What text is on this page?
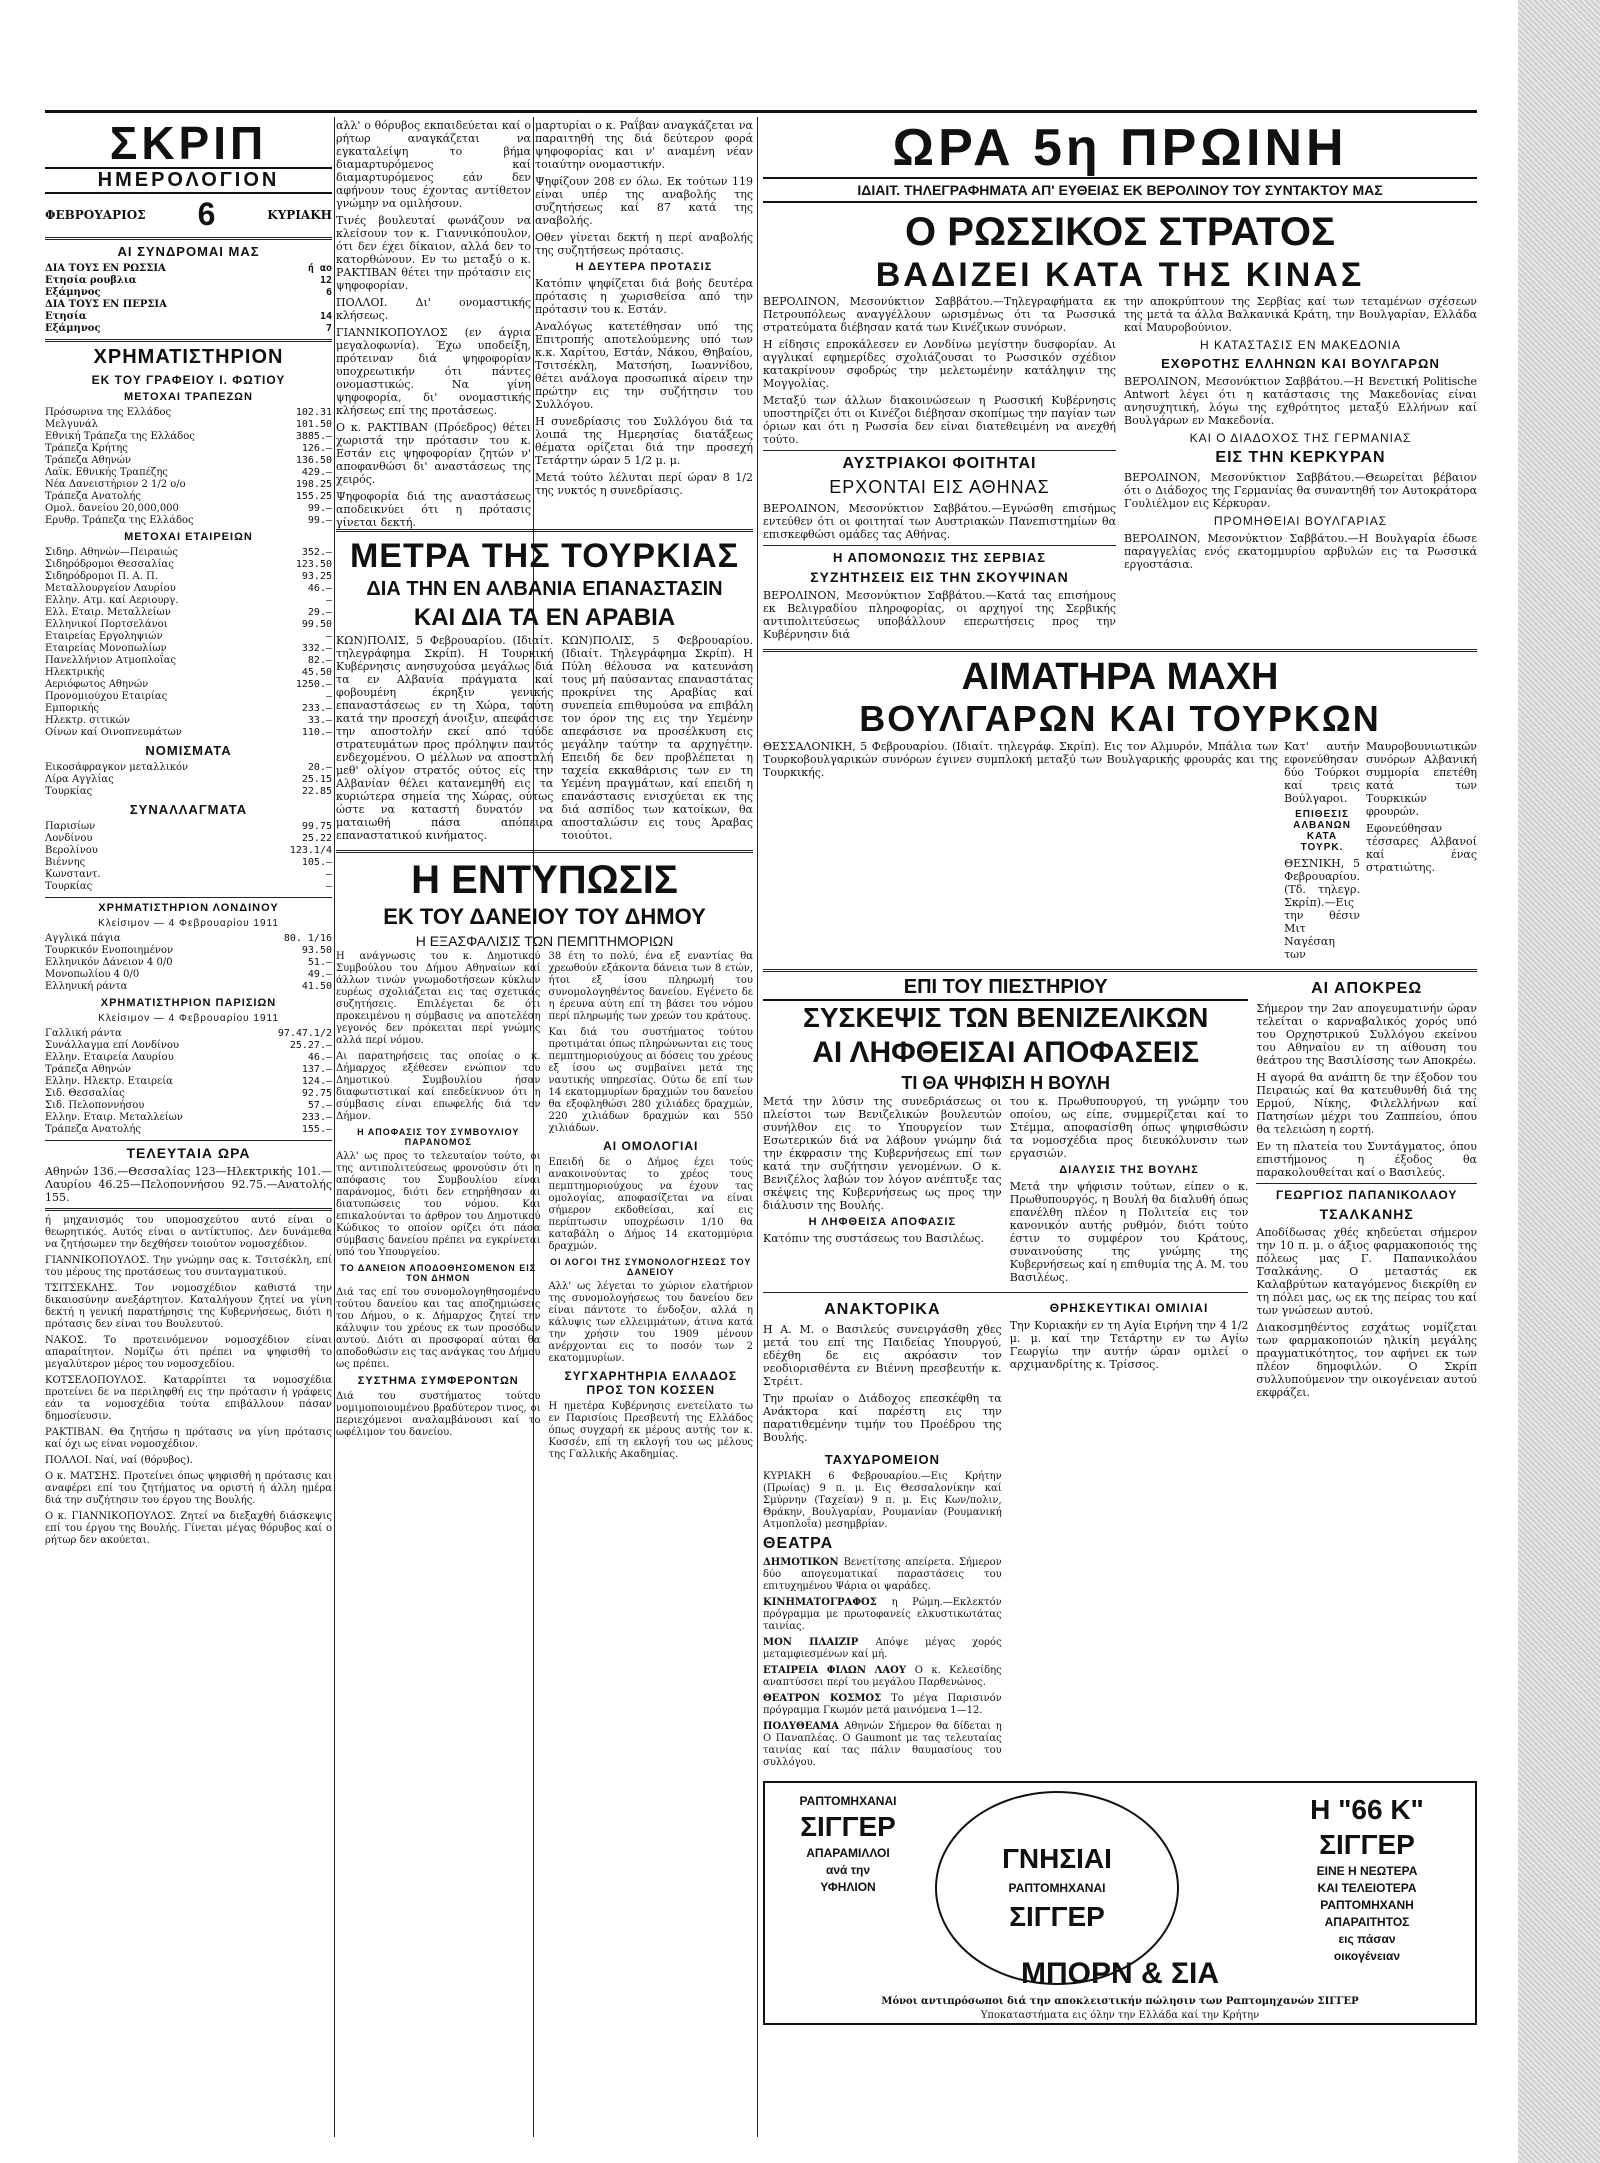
ΣΚΡΙΠ
ΗΜΕΡΟΛΟΓΙΟΝ
ΦΕΒΡΟΥΑΡΙΟΣ 6	ΚΥΡΙΑΚΗ
ΑΙ ΣΥΝΔΡΟΜΑΙ ΜΑΣ
ΔΙΑ ΤΟΥΣ ΕΝ ΡΩΣΣΙΑ	ή αο
Ετησία ρουβλια	12
Εξάμηνος	6
ΔΙΑ ΤΟΥΣ ΕΝ ΠΕΡΣΙΑ
Ετησία	14
Εξάμηνος	7
ΧΡΗΜΑΤΙΣΤΗΡΙΟΝ
ΕΚ ΤΟΥ ΓΡΑΦΕΙΟΥ Ι. ΦΩΤΙΟΥ
ΜΕΤΟΧΑΙ ΤΡΑΠΕΖΩΝ
Πρόσωρινα της Ελλάδος	102.31
Μελγυνάλ	101.50
Εθνική Τράπεζα της Ελλάδος	3885.—
Τράπεζα Κρήτης	126.—
Τράπεζα Αθηνών	136.50
Λαϊκ. Εθνικής Τραπέζης	429.—
Νέα Δανειστήριον 2 1/2 ο/ο	198.25
Τράπεζα Ανατολής	155.25
Ομολ. δανείου 20,000,000	99.—
Ερυθρ. Τράπεζα της Ελλάδος	99.—
ΜΕΤΟΧΑΙ ΕΤΑΙΡΕΙΩΝ
Σιδηρ. Αθηνών—Πειραιώς	352.—
Σιδηρόδρομοι Θεσσαλίας	123.50
Σιδηρόδρομοι Π. Α. Π.	93.25
Μεταλλουργείον Λαυρίου	46.—
Ελλην. Ατμ. καί Αεριουργ.	—
Ελλ. Εταιρ. Μεταλλείων	29.—
Ελληνικοί Πορτσελάνοι	99.50
Εταιρείας Εργοληψιών	—
Εταιρείας Μονοπωλίων	332.—
Πανελλήνιον Ατμοπλοΐας	82.—
Ηλεκτρικής	45.50
Αεριόφωτος Αθηνών	1250.—
Προνομιούχου Εταιρίας	—
Εμπορικής	233.—
Ηλεκτρ. σιτικών	33.—
Οίνων καί Οινοπνευμάτων	110.—
ΝΟΜΙΣΜΑΤΑ
Εικοσάφραγκον μεταλλικόν	20.—
Λίρα Αγγλίας	25.15
Τουρκίας	22.85
ΣΥΝΑΛΛΑΓΜΑΤΑ
Παρισίων	99.75
Λονδίνου	25.22
Βερολίνου	123.1/4
Βιέννης	105.—
Κωνσταντ.	—
Τουρκίας	—
ΧΡΗΜΑΤΙΣΤΗΡΙΟΝ ΛΟΝΔΙΝΟΥ
Κλείσιμον — 4 Φεβρουαρίου 1911
Αγγλικά πάγια	80. 1/16
Τουρκικόν Ενοποιημένον	93.50
Ελληνικόν Δάνειον 4 0/0	51.—
Μονοπωλίου 4 0/0	49.—
Ελληνική ράντα	41.50
ΧΡΗΜΑΤΙΣΤΗΡΙΟΝ ΠΑΡΙΣΙΩΝ
Κλείσιμον — 4 Φεβρουαρίου 1911
Γαλλική ράντα	97.47.1/2
Συνάλλαγμα επί Λονδίνου	25.27.—
Ελλην. Εταιρεία Λαυρίου	46.—
Τράπεζα Αθηνών	137.—
Ελλην. Ηλεκτρ. Εταιρεία	124.—
Σιδ. Θεσσαλίας	92.75
Σιδ. Πελοποννήσου	57.—
Ελλην. Εταιρ. Μεταλλείων	233.—
Τράπεζα Ανατολής	155.—
ΤΕΛΕΥΤΑΙΑ ΩΡΑ

Αθηνών 136.—Θεσσαλίας 123—Ηλεκτρικής 101.—Λαυρίου 46.25—Πελοποννήσου 92.75.—Ανατολής 155.

ή μηχανισμός του υπομοσχεύτου αυτό είναι ο θεωρητικός. Αυτός είναι ο αντίκτυπος. Δεν δυνάμεθα να ζητήσωμεν την δεχθήσεν τοιούτον νομοσχέδιον.

ΓΙΑΝΝΙΚΟΠΟΥΛΟΣ. Την γνώμην σας κ. Τσιτσέκλη, επί του μέρους της προτάσεως του συνταγματικού.

ΤΣΙΤΣΕΚΛΗΣ. Τον νομοσχέδιον καθιστά την δικαιοσύνην ανεξάρτητον. Καταλήγουν ζητεί να γίνη δεκτή η γενική παρατήρησις της Κυβερνήσεως, διότι η πρότασις δεν είναι του Βουλευτού.

ΝΑΚΟΣ. Το προτεινόμενον νομοσχέδιον είναι απαραίτητον. Νομίζω ότι πρέπει να ψηφισθή το μεγαλύτερον μέρος του νομοσχεδίου.

ΚΟΤΣΕΛΟΠΟΥΛΟΣ. Καταρρίπτει τα νομοσχέδια προτείνει δε να περιληφθή εις την πρότασιν ή γράφεις εάν τα νομοσχέδια τούτα επιβάλλουν πάσαν δημοσίευσιν.

ΡΑΚΤΙΒΑΝ. Θα ζητήσω η πρότασις να γίνη πρότασις καί όχι ως είναι νομοσχέδιον.

ΠΟΛΛΟΙ. Ναί, ναί (θόρυβος).

Ο κ. ΜΑΤΣΗΣ. Προτείνει όπως ψηφισθή η πρότασις και αναφέρει επί του ζητήματος να οριστή ή άλλη ημέρα διά την συζήτησιν του έργου της Βουλής.

Ο κ. ΓΙΑΝΝΙΚΟΠΟΥΛΟΣ. Ζητεί να διεξαχθή διάσκεψις επί του έργου της Βουλής. Γίνεται μέγας θόρυβος καί ο ρήτωρ δεν ακούεται.

αλλ' ο θόρυβος εκπαιδεύεται καί ο ρήτωρ αναγκάζεται να εγκαταλείψη το βήμα διαμαρτυρόμενος καί διαμαρτυρόμενος εάν δεν αφήνουν τους έχοντας αντίθετον γνώμην να ομιλήσουν.

Τινές βουλευταί φωνάζουν να κλείσουν τον κ. Γιαννικόπουλον, ότι δεν έχει δίκαιον, αλλά δεν το κατορθώνουν. Εν τω μεταξύ ο κ. ΡΑΚΤΙΒΑΝ θέτει την πρότασιν εις ψηφοφορίαν.

ΠΟΛΛΟΙ. Δι' ονομαστικής κλήσεως.

ΓΙΑΝΝΙΚΟΠΟΥΛΟΣ (εν άγρια μεγαλοφωνία). Έχω υποδείξη, πρότειναν διά ψηφοφορίαν υποχρεωτικήν ότι πάντες ονομαστικώς. Να γίνη ψηφοφορία, δι' ονομαστικής κλήσεως επί της προτάσεως.

Ο κ. ΡΑΚΤΙΒΑΝ (Πρόεδρος) θέτει χωριστά την πρότασιν του κ. Εστάν εις ψηφοφορίαν ζητών ν' αποφανθώσι δι' αναστάσεως της χειρός.

Ψηφοφορία διά της αναστάσεως αποδεικνύει ότι η πρότασις γίνεται δεκτή.

μαρτυρίαι ο κ. Ραΐβαν αναγκάζεται να παραιτηθή της διά δεύτερον φορά ψηφοφορίας και ν' αναμένη νέαν τοιαύτην ονομαστικήν.

Ψηφίζουν 208 εν όλω. Εκ τούτων 119 είναι υπέρ της αναβολής της συζητήσεως καί 87 κατά της αναβολής.

Οθεν γίνεται δεκτή η περί αναβολής της συζητήσεως πρότασις.

Η ΔΕΥΤΕΡΑ ΠΡΟΤΑΣΙΣ

Κατόπιν ψηφίζεται διά βοής δευτέρα πρότασις η χωρισθείσα από την πρότασιν του κ. Εστάν.

Αναλόγως κατετέθησαν υπό της Επιτροπής αποτελούμενης υπό των κ.κ. Χαρίτου, Εστάν, Νάκου, Θηβαίου, Τσιτσέκλη, Ματσήση, Ιωαννίδου, θέτει ανάλογα προσωπικά αίρειν την πρώτην εις την συζήτησιν του Συλλόγου.

Η συνεδρίασις του Συλλόγου διά τα λοιπά της Ημερησίας διατάξεως θέματα ορίζεται διά την προσεχή Τετάρτην ώραν 5 1/2 μ. μ.

Μετά τούτο λέλυται περί ώραν 8 1/2 της νυκτός η συνεδρίασις.

ΜΕΤΡΑ ΤΗΣ ΤΟΥΡΚΙΑΣ
ΔΙΑ ΤΗΝ ΕΝ ΑΛΒΑΝΙΑ ΕΠΑΝΑΣΤΑΣΙΝ
ΚΑΙ ΔΙΑ ΤΑ ΕΝ ΑΡΑΒΙΑ

ΚΩΝ)ΠΟΛΙΣ, 5 Φεβρουαρίου. (Ιδιαίτ. τηλεγράφημα Σκρίπ). Η Τουρκική Κυβέρνησις ανησυχούσα μεγάλως διά τα εν Αλβανία πράγματα καί φοβουμένη έκρηξιν γενικής επαναστάσεως εν τη Χώρα, ταύτη κατά την προσεχή άνοιξιν, απεφάσισε την αποστολήν εκεί από τούδε στρατευμάτων προς πρόληψιν παντός ενδεχομένου. Ο μέλλων να αποσταλή μεθ' ολίγον στρατός ούτος είς την Αλβανίαν θέλει κατανεμηθή εις τα κυριώτερα σημεία της Χώρας, ούτως ώστε να καταστή δυνατόν να ματαιωθή πάσα απόπειρα επαναστατικού κινήματος.

ΚΩΝ)ΠΟΛΙΣ, 5 Φεβρουαρίου. (Ιδιαίτ. Τηλεγράφημα Σκρίπ). Η Πύλη θέλουσα να κατευνάση τους μή παύσαντας επαναστάτας προκρίνει της Αραβίας καί συνεπεία επιθυμούσα να επιβάλη τον όρον της εις την Υεμένην απεφάσισε να προσέλκυση εις μεγάλην ταύτην τα αρχηγέτην. Επειδή δε δεν προβλέπεται η ταχεία εκκαθάρισις των εν τη Υεμένη πραγμάτων, καί επειδή η επανάστασις ενισχύεται εκ της διά ασπίδος των κατοίκων, θα αποσταλώσιν εις τους Άραβας τοιούτοι.

Η ΕΝΤΥΠΩΣΙΣ
ΕΚ ΤΟΥ ΔΑΝΕΙΟΥ ΤΟΥ ΔΗΜΟΥ
Η ΕΞΑΣΦΑΛΙΣΙΣ ΤΩΝ ΠΕΜΠΤΗΜΟΡΙΩΝ

Η ανάγνωσις του κ. Δημοτικού Συμβούλου του Δήμου Αθηναίων καί άλλων τινών γνωμοδοτήσεων κύκλων ευρέως σχολιάζεται εις τας σχετικάς συζητήσεις. Επιλέγεται δε ότι προκειμένου η σύμβασις να αποτελέση γεγονός δεν πρόκειται περί γνώμης αλλά περί νόμου.

Αι παρατηρήσεις τας οποίας ο κ. Δήμαρχος εξέθεσεν ενώπιον του Δημοτικού Συμβουλίου ήσαν διαφωτιστικαί καί επεδείκνυον ότι η σύμβασις είναι επωφελής διά τον Δήμον.

Η ΑΠΟΦΑΣΙΣ ΤΟΥ ΣΥΜΒΟΥΛΙΟΥ ΠΑΡΑΝΟΜΟΣ

Αλλ' ως προς το τελευταίον τούτο, οι της αντιπολιτεύσεως φρονούσιν ότι η απόφασις του Συμβουλίου είναι παράνομος, διότι δεν ετηρήθησαν αι διατυπώσεις του νόμου. Και επικαλούνται το άρθρον του Δημοτικού Κώδικος το οποίον ορίζει ότι πάσα σύμβασις δανείου πρέπει να εγκρίνεται υπό του Υπουργείου.

ΤΟ ΔΑΝΕΙΟΝ ΑΠΟΔΟΘΗΣΟΜΕΝΟΝ ΕΙΣ ΤΟΝ ΔΗΜΟΝ

Διά τας επί του συνομολογηθησομένου τούτου δανείου και τας αποζημιώσεις του Δήμου, ο κ. Δήμαρχος ζητεί την κάλυψιν του χρέους εκ των προσόδων αυτού. Διότι αι προσφοραί αύται θα αποδοθώσιν εις τας ανάγκας του Δήμου ως πρέπει.

ΣΥΣΤΗΜΑ ΣΥΜΦΕΡΟΝΤΩΝ

Διά του συστήματος τούτου νομιμοποιουμένου βραδύτερον τινος, οι περιεχόμενοι αναλαμβάνουσι καί το ωφέλιμον του δανείου.

38 έτη το πολύ, ένα εξ εναντίας θα χρεωθούν εξάκοντα δάνεια των 8 ετών, ήτοι εξ ίσου πληρωμή του συνομολογηθέντος δανείου. Εγένετο δε η έρευνα αύτη επί τη βάσει του νόμου περί πληρωμής των χρεών του κράτους.

Και διά του συστήματος τούτου προτιμάται όπως πληρώνωνται εις τους πεμπτημοριούχους αι δόσεις του χρέους εξ ίσου ως συμβαίνει μετά της ναυτικής υπηρεσίας. Ούτω δε επί των 14 εκατομμυρίων δραχμών του δανείου θα εξοφληθώσι 280 χιλιάδες δραχμών, 220 χιλιάδων δραχμών και 550 χιλιάδων.

ΑΙ ΟΜΟΛΟΓΙΑΙ

Επειδή δε ο Δήμος έχει τούς ανακοινούντας το χρέος τους πεμπτημοριούχους να έχουν τας ομολογίας, αποφασίζεται να είναι σήμερον εκδοθείσαι, καί εις περίπτωσιν υποχρέωσιν 1/10 θα καταβάλη ο Δήμος 14 εκατομμύρια δραχμών.

ΟΙ ΛΟΓΟΙ ΤΗΣ ΣΥΜΟΝΟΛΟΓΗΣΕΩΣ ΤΟΥ ΔΑΝΕΙΟΥ

Αλλ' ως λέγεται το χώριον ελατήριον της συνομολογήσεως του δανείου δεν είναι πάντοτε το ένδοξον, αλλά η κάλυψις των ελλειμμάτων, άτινα κατά την χρήσιν του 1909 μένουν ανέρχονται εις το ποσόν των 2 εκατομμυρίων.

ΣΥΓΧΑΡΗΤΗΡΙΑ ΕΛΛΑΔΟΣ ΠΡΟΣ ΤΟΝ ΚΟΣΣΕΝ

Η ημετέρα Κυβέρνησις ενετείλατο τω εν Παρισίοις Πρεσβευτή της Ελλάδος όπως συγχαρή εκ μέρους αυτής τον κ. Κοσσέν, επί τη εκλογή του ως μέλους της Γαλλικής Ακαδημίας.

ΩΡΑ 5η ΠΡΩΙΝΗ
ΙΔΙΑΙΤ. ΤΗΛΕΓΡΑΦΗΜΑΤΑ ΑΠ' ΕΥΘΕΙΑΣ ΕΚ ΒΕΡΟΛΙΝΟΥ ΤΟΥ ΣΥΝΤΑΚΤΟΥ ΜΑΣ
Ο ΡΩΣΣΙΚΟΣ ΣΤΡΑΤΟΣ
ΒΑΔΙΖΕΙ ΚΑΤΑ ΤΗΣ ΚΙΝΑΣ

ΒΕΡΟΛΙΝΟΝ, Μεσονύκτιον Σαββάτου.—Τηλεγραφήματα εκ Πετρουπόλεως αναγγέλλουν ωρισμένως ότι τα Ρωσσικά στρατεύματα διέβησαν κατά των Κινέζικων συνόρων.

Η είδησις επροκάλεσεν εν Λονδίνω μεγίστην δυσφορίαν. Αι αγγλικαί εφημερίδες σχολιάζουσαι το Ρωσσικόν σχέδιον κατακρίνουν σφοδρώς την μελετωμένην κατάληψιν της Μογγολίας.

Μεταξύ των άλλων διακοινώσεων η Ρωσσική Κυβέρνησις υποστηρίζει ότι οι Κινέζοι διέβησαν σκοπίμως την παγίαν των όριων και ότι η Ρωσσία δεν είναι διατεθειμένη να ανεχθή τούτο.

ΑΥΣΤΡΙΑΚΟΙ ΦΟΙΤΗΤΑΙ
ΕΡΧΟΝΤΑΙ ΕΙΣ ΑΘΗΝΑΣ

ΒΕΡΟΛΙΝΟΝ, Μεσονύκτιον Σαββάτου.—Εγνώσθη επισήμως εντεύθεν ότι οι φοιτηταί των Αυστριακών Πανεπιστημίων θα επισκεφθώσι ομάδες τας Αθήνας.

Η ΑΠΟΜΟΝΩΣΙΣ ΤΗΣ ΣΕΡΒΙΑΣ
ΣΥΖΗΤΗΣΕΙΣ ΕΙΣ ΤΗΝ ΣΚΟΥΨΙΝΑΝ

ΒΕΡΟΛΙΝΟΝ, Μεσονύκτιον Σαββάτου.—Κατά τας επισήμους εκ Βελιγραδίου πληροφορίας, οι αρχηγοί της Σερβικής αντιπολιτεύσεως υποβάλλουν επερωτήσεις προς την Κυβέρνησιν διά

την αποκρύπτουν της Σερβίας καί των τεταμένων σχέσεων της μετά τα άλλα Βαλκανικά Κράτη, την Βουλγαρίαν, Ελλάδα καί Μαυροβούνιον.

Η ΚΑΤΑΣΤΑΣΙΣ ΕΝ ΜΑΚΕΔΟΝΙΑ
ΕΧΘΡΟΤΗΣ ΕΛΛΗΝΩΝ ΚΑΙ ΒΟΥΛΓΑΡΩΝ

ΒΕΡΟΛΙΝΟΝ, Μεσονύκτιον Σαββάτου.—Η Βενετική Politische Antwort λέγει ότι η κατάστασις της Μακεδονίας είναι ανησυχητική, λόγω της εχθρότητος μεταξύ Ελλήνων καί Βουλγάρων εν Μακεδονία.

ΚΑΙ Ο ΔΙΑΔΟΧΟΣ ΤΗΣ ΓΕΡΜΑΝΙΑΣ
ΕΙΣ ΤΗΝ ΚΕΡΚΥΡΑΝ

ΒΕΡΟΛΙΝΟΝ, Μεσονύκτιον Σαββάτου.—Θεωρείται βέβαιον ότι ο Διάδοχος της Γερμανίας θα συναντηθή τον Αυτοκράτορα Γουλιέλμον εις Κέρκυραν.

ΠΡΟΜΗΘΕΙΑΙ ΒΟΥΛΓΑΡΙΑΣ

ΒΕΡΟΛΙΝΟΝ, Μεσονύκτιον Σαββάτου.—Η Βουλγαρία έδωσε παραγγελίας ενός εκατομμυρίου αρβυλών εις τα Ρωσσικά εργοστάσια.

ΑΙΜΑΤΗΡΑ ΜΑΧΗ
ΒΟΥΛΓΑΡΩΝ ΚΑΙ ΤΟΥΡΚΩΝ

ΘΕΣΣΑΛΟΝΙΚΗ, 5 Φεβρουαρίου. (Ιδιαίτ. τηλεγράφ. Σκρίπ). Εις τον Αλμυρόν, Μπάλια των Τουρκοβουλγαρικών συνόρων έγινεν συμπλοκή μεταξύ των Βουλγαρικής φρουράς και της Τουρκικής.

Κατ' αυτήν εφονεύθησαν δύο Τούρκοι καί τρεις Βούλγαροι.

ΕΠΙΘΕΣΙΣ ΑΛΒΑΝΩΝ ΚΑΤΑ ΤΟΥΡΚ.

ΘΕΣΝΙΚΗ, 5 Φεβρουαρίου. (Τδ. τηλεγρ. Σκρίπ).—Εις την θέσιν Μιτ Ναγέσαη των

Μαυροβουνιωτικών συνόρων Αλβανική συμμορία επετέθη κατά των Τουρκικών φρουρών.

Εφονεύθησαν τέσσαρες Αλβανοί καί ένας στρατιώτης.

ΕΠΙ ΤΟΥ ΠΙΕΣΤΗΡΙΟΥ
ΣΥΣΚΕΨΙΣ ΤΩΝ ΒΕΝΙΖΕΛΙΚΩΝ
ΑΙ ΛΗΦΘΕΙΣΑΙ ΑΠΟΦΑΣΕΙΣ
ΤΙ ΘΑ ΨΗΦΙΣΗ Η ΒΟΥΛΗ

Μετά την λύσιν της συνεδριάσεως οι πλείστοι των Βενιζελικών βουλευτών συνήλθον εις το Υπουργείον των Εσωτερικών διά να λάβουν γνώμην διά την έκφρασιν της Κυβερνήσεως επί των κατά την συζήτησιν γενομένων. Ο κ. Βενιζέλος λαβών τον λόγον ανέπτυξε τας σκέψεις της Κυβερνήσεως ως προς την διάλυσιν της Βουλής.

Η ΛΗΦΘΕΙΣΑ ΑΠΟΦΑΣΙΣ

Κατόπιν της συστάσεως του Βασιλέως.

του κ. Πρωθυπουργού, τη γνώμην του οποίου, ως είπε, συμμερίζεται καί το Στέμμα, αποφασίσθη όπως ψηφισθώσιν τα νομοσχέδια προς διευκόλυνσιν των εργασιών.

ΔΙΑΛΥΣΙΣ ΤΗΣ ΒΟΥΛΗΣ

Μετά την ψήφισιν τούτων, είπεν ο κ. Πρωθυπουργός, η Βουλή θα διαλυθή όπως επανέλθη πλέον η Πολιτεία εις τον κανονικόν αυτής ρυθμόν, διότι τούτο έστιν το συμφέρον του Κράτους, συναινούσης της γνώμης της Κυβερνήσεως καί η επιθυμία της Α. Μ. του Βασιλέως.

ΑΝΑΚΤΟΡΙΚΑ

Η Α. Μ. ο Βασιλεύς συνειργάσθη χθες μετά του επί της Παιδείας Υπουργού, εδέχθη δε εις ακρόασιν τον νεοδιορισθέντα εν Βιέννη πρεσβευτήν κ. Στρέιτ.

Την πρωίαν ο Διάδοχος επεσκέφθη τα Ανάκτορα καί παρέστη εις την παρατιθεμένην τιμήν του Προέδρου της Βουλής.

ΘΡΗΣΚΕΥΤΙΚΑΙ ΟΜΙΛΙΑΙ

Την Κυριακήν εν τη Αγία Ειρήνη την 4 1/2 μ. μ. καί την Τετάρτην εν τω Αγίω Γεωργίω την αυτήν ώραν ομιλεί ο αρχιμανδρίτης κ. Τρίσσος.

ΤΑΧΥΔΡΟΜΕΙΟΝ

ΚΥΡΙΑΚΗ 6 Φεβρουαρίου.—Εις Κρήτην (Πρωίας) 9 π. μ. Εις Θεσσαλονίκην καί Σμύρνην (Ταχείαν) 9 π. μ. Εις Κων/πολιν, Θράκην, Βουλγαρίαν, Ρουμανίαν (Ρουμανική Ατμοπλοΐα) μεσημβρίαν.

ΘΕΑΤΡΑ

ΔΗΜΟΤΙΚΟΝ Βενετίτσης απείρετα. Σήμερον δύο απογευματικαί παραστάσεις του επιτυχημένου Ψάρια οι ψαράδες.

ΚΙΝΗΜΑΤΟΓΡΑΦΟΣ η Ρώμη.—Εκλεκτόν πρόγραμμα με πρωτοφανείς ελκυστικωτάτας ταινίας.

ΜΟΝ ΠΛΑΙΖΙΡ Απόψε μέγας χορός μεταμφιεσμένων καί μή.

ΕΤΑΙΡΕΙΑ ΦΙΛΩΝ ΛΑΟΥ Ο κ. Κελεσίδης αναπτύσσει περί του μεγάλου Παρθενώνος.

ΘΕΑΤΡΟΝ ΚΟΣΜΟΣ Το μέγα Παρισινόν πρόγραμμα Γκωμόν μετά μαινόμενα 1—12.

ΠΟΛΥΘΕΑΜΑ Αθηνών Σήμερον θα δίδεται η Ο Παναπλέας. Ο Gaumont με τας τελευταίας ταινίας καί τας πάλιν θαυμασίους του συλλόγου.

ΑΙ ΑΠΟΚΡΕΩ

Σήμερον την 2αν απογευματινήν ώραν τελείται ο καρναβαλικός χορός υπό του Ορχηστρικού Συλλόγου εκείνου του Αθηναίου εν τη αίθουση του θεάτρου της Βασιλίσσης των Αποκρέω.

Η αγορά θα ανάπτη δε την έξοδον του Πειραιώς καί θα κατευθυνθή διά της Ερμού, Νίκης, Φιλελλήνων καί Πατησίων μέχρι του Ζαππείου, όπου θα τελειώση η εορτή.

Εν τη πλατεία του Συντάγματος, όπου επιστήμονος η έξοδος θα παρακολουθείται καί ο Βασιλεύς.

ΓΕΩΡΓΙΟΣ ΠΑΠΑΝΙΚΟΛΑΟΥ
ΤΣΑΛΚΑΝΗΣ

Αποδίδωσας χθές κηδεύεται σήμερον την 10 π. μ. ο άξιος φαρμακοποιός της πόλεως μας Γ. Παπανικολάου Τσαλκάνης. Ο μεταστάς εκ Καλαβρύτων καταγόμενος διεκρίθη εν τη πόλει μας, ως εκ της πείρας του καί των γνώσεων αυτού.

Διακοσμηθέντος εσχάτως νομίζεται των φαρμακοποιών ηλικίη μεγάλης πραγματικότητος, τον αφήνει εκ των πλέον δημοφιλών. Ο Σκρίπ συλλυπούμενον την οικογένειαν αυτού εκφράζει.

ΡΑΠΤΟΜΗΧΑΝΑΙ
ΣΙΓΓΕΡ
ΑΠΑΡΑΜΙΛΛΟΙ
ανά την
ΥΦΗΛΙΟΝ
ΓΝΗΣΙΑΙ
ΡΑΠΤΟΜΗΧΑΝΑΙ
ΣΙΓΓΕΡ
Η "66 Κ"
ΣΙΓΓΕΡ
ΕΙΝΕ Η ΝΕΩΤΕΡΑ
ΚΑΙ ΤΕΛΕΙΟΤΕΡΑ
ΡΑΠΤΟΜΗΧΑΝΗ
ΑΠΑΡΑΙΤΗΤΟΣ
εις πάσαν
οικογένειαν
ΜΠΟΡΝ & ΣΙΑ
Μόνοι αντιπρόσωποι διά την αποκλειστικήν πώλησιν των Ραπτομηχανών ΣΙΓΓΕΡ
Υποκαταστήματα εις όλην την Ελλάδα καί την Κρήτην
